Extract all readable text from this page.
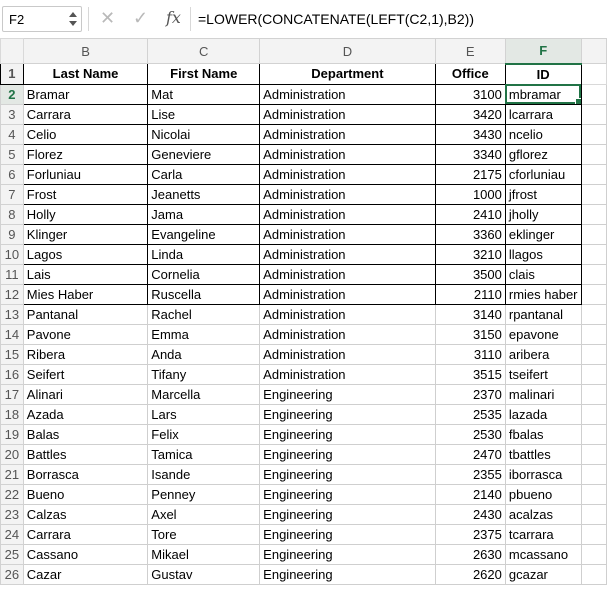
F2	✕ ✓ fx =LOWER(CONCATENATE(LEFT(C2,1),B2))
	B	C	D	E	F	
1	Last Name	First Name	Department	Office	ID	
2	Bramar	Mat	Administration	3100	mbramar

3	Carrara	Lise	Administration	3420	lcarrara	
4	Celio	Nicolai	Administration	3430	ncelio	
5	Florez	Geneviere	Administration	3340	gflorez	
6	Forluniau	Carla	Administration	2175	cforluniau	
7	Frost	Jeanetts	Administration	1000	jfrost	
8	Holly	Jama	Administration	2410	jholly	
9	Klinger	Evangeline	Administration	3360	eklinger	
10	Lagos	Linda	Administration	3210	llagos	
11	Lais	Cornelia	Administration	3500	clais	
12	Mies Haber	Ruscella	Administration	2110	rmies haber	
13	Pantanal	Rachel	Administration	3140	rpantanal	
14	Pavone	Emma	Administration	3150	epavone	
15	Ribera	Anda	Administration	3110	aribera	
16	Seifert	Tifany	Administration	3515	tseifert	
17	Alinari	Marcella	Engineering	2370	malinari	
18	Azada	Lars	Engineering	2535	lazada	
19	Balas	Felix	Engineering	2530	fbalas	
20	Battles	Tamica	Engineering	2470	tbattles	
21	Borrasca	Isande	Engineering	2355	iborrasca	
22	Bueno	Penney	Engineering	2140	pbueno	
23	Calzas	Axel	Engineering	2430	acalzas	
24	Carrara	Tore	Engineering	2375	tcarrara	
25	Cassano	Mikael	Engineering	2630	mcassano	
26	Cazar	Gustav	Engineering	2620	gcazar	
